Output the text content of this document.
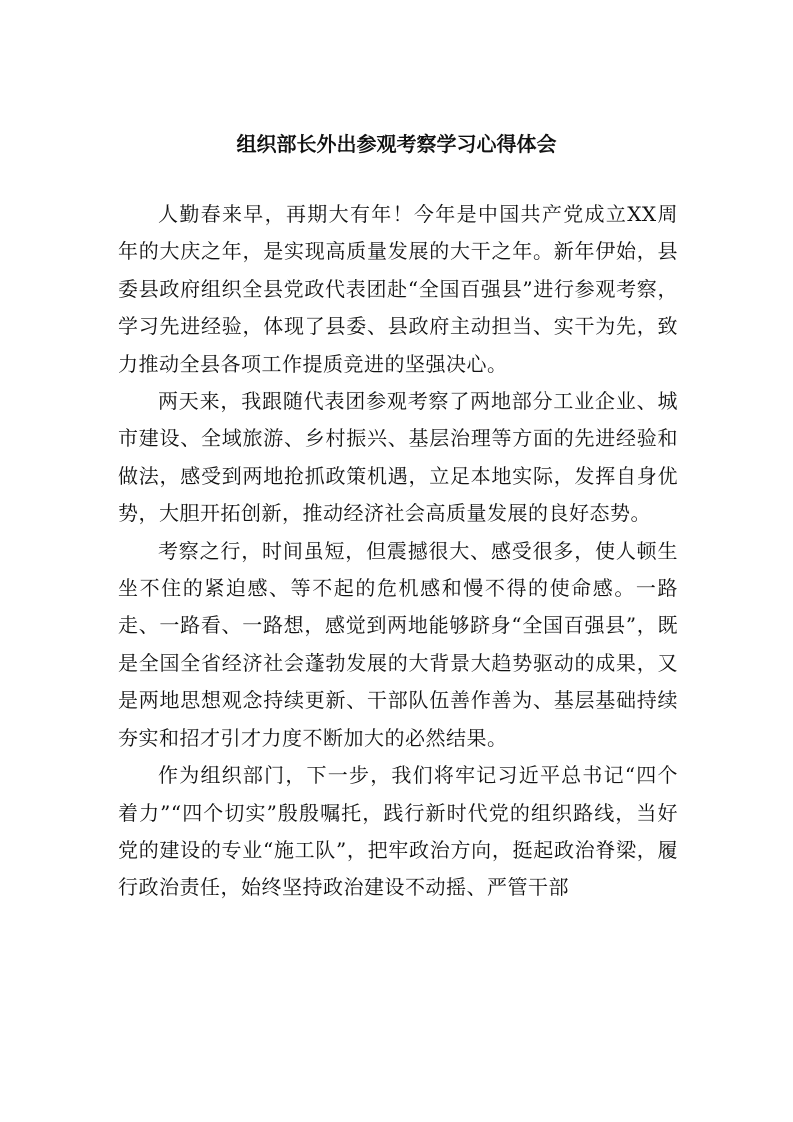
组织部长外出参观考察学习心得体会

人勤春来早，再期大有年！今年是中国共产党成立XX周年的大庆之年，是实现高质量发展的大干之年。新年伊始，县委县政府组织全县党政代表团赴“全国百强县”进行参观考察，学习先进经验，体现了县委、县政府主动担当、实干为先，致力推动全县各项工作提质竞进的坚强决心。

两天来，我跟随代表团参观考察了两地部分工业企业、城市建设、全域旅游、乡村振兴、基层治理等方面的先进经验和做法，感受到两地抢抓政策机遇，立足本地实际，发挥自身优势，大胆开拓创新，推动经济社会高质量发展的良好态势。

考察之行，时间虽短，但震撼很大、感受很多，使人顿生坐不住的紧迫感、等不起的危机感和慢不得的使命感。一路走、一路看、一路想，感觉到两地能够跻身“全国百强县”，既是全国全省经济社会蓬勃发展的大背景大趋势驱动的成果，又是两地思想观念持续更新、干部队伍善作善为、基层基础持续夯实和招才引才力度不断加大的必然结果。

作为组织部门，下一步，我们将牢记习近平总书记“四个着力”“四个切实”殷殷嘱托，践行新时代党的组织路线，当好党的建设的专业“施工队”，把牢政治方向，挺起政治脊梁，履行政治责任，始终坚持政治建设不动摇、严管干部
